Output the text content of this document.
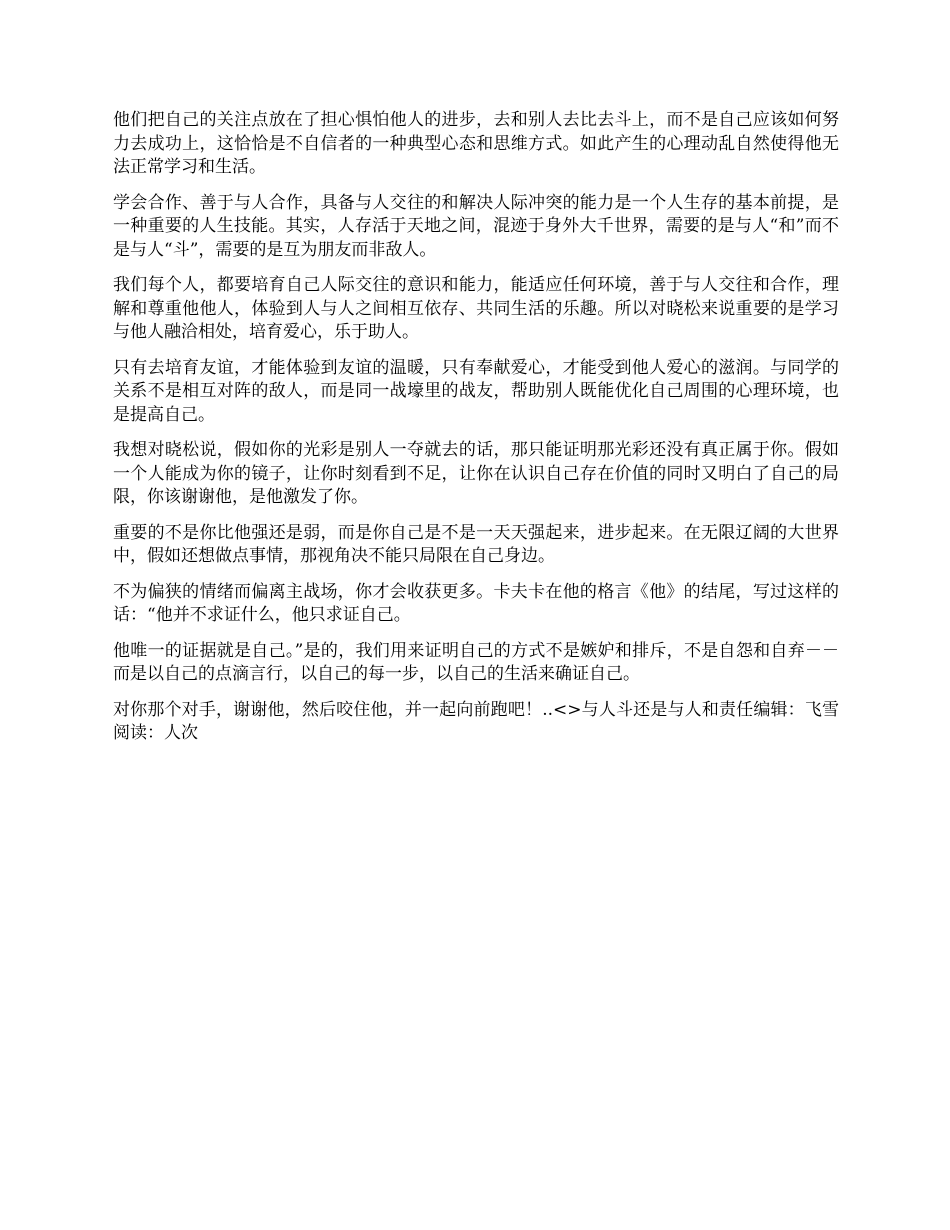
他们把自己的关注点放在了担心惧怕他人的进步，去和别人去比去斗上，而不是自己应该如何努力去成功上，这恰恰是不自信者的一种典型心态和思维方式。如此产生的心理动乱自然使得他无法正常学习和生活。

学会合作、善于与人合作，具备与人交往的和解决人际冲突的能力是一个人生存的基本前提，是一种重要的人生技能。其实，人存活于天地之间，混迹于身外大千世界，需要的是与人“和”而不是与人“斗”，需要的是互为朋友而非敌人。

我们每个人，都要培育自己人际交往的意识和能力，能适应任何环境，善于与人交往和合作，理解和尊重他他人，体验到人与人之间相互依存、共同生活的乐趣。所以对晓松来说重要的是学习与他人融洽相处，培育爱心，乐于助人。

只有去培育友谊，才能体验到友谊的温暖，只有奉献爱心，才能受到他人爱心的滋润。与同学的关系不是相互对阵的敌人，而是同一战壕里的战友，帮助别人既能优化自己周围的心理环境，也是提高自己。

我想对晓松说，假如你的光彩是别人一夺就去的话，那只能证明那光彩还没有真正属于你。假如一个人能成为你的镜子，让你时刻看到不足，让你在认识自己存在价值的同时又明白了自己的局限，你该谢谢他，是他激发了你。

重要的不是你比他强还是弱，而是你自己是不是一天天强起来，进步起来。在无限辽阔的大世界中，假如还想做点事情，那视角决不能只局限在自己身边。

不为偏狭的情绪而偏离主战场，你才会收获更多。卡夫卡在他的格言《他》的结尾，写过这样的话：“他并不求证什么，他只求证自己。

他唯一的证据就是自己。”是的，我们用来证明自己的方式不是嫉妒和排斥，不是自怨和自弃－－而是以自己的点滴言行，以自己的每一步，以自己的生活来确证自己。

对你那个对手，谢谢他，然后咬住他，并一起向前跑吧！..<>与人斗还是与人和责任编辑：飞雪 阅读：人次
